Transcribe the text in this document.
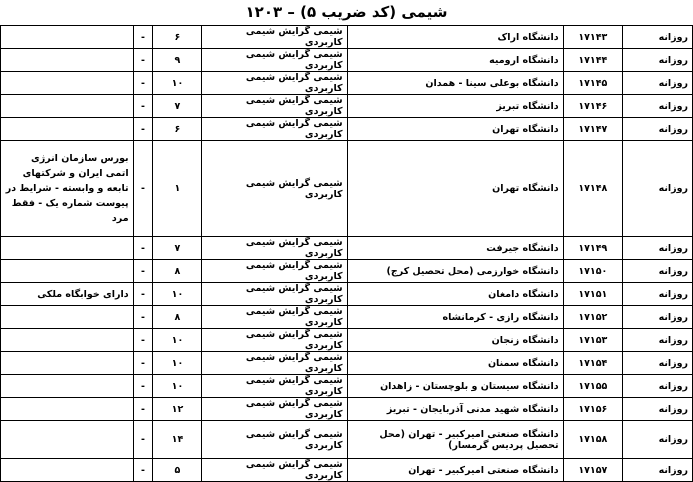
۱۲۰۳ – شیمی (کد ضریب ۵)
روزانه	۱۷۱۴۳	دانشگاه اراک	شیمی گرایش شیمی کاربردی	۶	-	
روزانه	۱۷۱۴۴	دانشگاه ارومیه	شیمی گرایش شیمی کاربردی	۹	-	
روزانه	۱۷۱۴۵	دانشگاه بوعلی سینا - همدان	شیمی گرایش شیمی کاربردی	۱۰	-	
روزانه	۱۷۱۴۶	دانشگاه تبریز	شیمی گرایش شیمی کاربردی	۷	-	
روزانه	۱۷۱۴۷	دانشگاه تهران	شیمی گرایش شیمی کاربردی	۶	-	
روزانه	۱۷۱۴۸	دانشگاه تهران	شیمی گرایش شیمی کاربردی	۱	-	بورس سازمان انرژی اتمی ایران و شرکتهای تابعه و وابسته - شرایط در پیوست شماره یک - فقط مرد
روزانه	۱۷۱۴۹	دانشگاه جیرفت	شیمی گرایش شیمی کاربردی	۷	-	
روزانه	۱۷۱۵۰	دانشگاه خوارزمی (محل تحصیل کرج)	شیمی گرایش شیمی کاربردی	۸	-	
روزانه	۱۷۱۵۱	دانشگاه دامغان	شیمی گرایش شیمی کاربردی	۱۰	-	دارای خوابگاه ملکی
روزانه	۱۷۱۵۲	دانشگاه رازی - کرمانشاه	شیمی گرایش شیمی کاربردی	۸	-	
روزانه	۱۷۱۵۳	دانشگاه زنجان	شیمی گرایش شیمی کاربردی	۱۰	-	
روزانه	۱۷۱۵۴	دانشگاه سمنان	شیمی گرایش شیمی کاربردی	۱۰	-	
روزانه	۱۷۱۵۵	دانشگاه سیستان و بلوچستان - زاهدان	شیمی گرایش شیمی کاربردی	۱۰	-	
روزانه	۱۷۱۵۶	دانشگاه شهید مدنی آذربایجان - تبریز	شیمی گرایش شیمی کاربردی	۱۲	-	
روزانه	۱۷۱۵۸	دانشگاه صنعتی امیرکبیر - تهران (محل تحصیل پردیس گرمسار)	شیمی گرایش شیمی کاربردی	۱۴	-	
روزانه	۱۷۱۵۷	دانشگاه صنعتی امیرکبیر - تهران	شیمی گرایش شیمی کاربردی	۵	-	
